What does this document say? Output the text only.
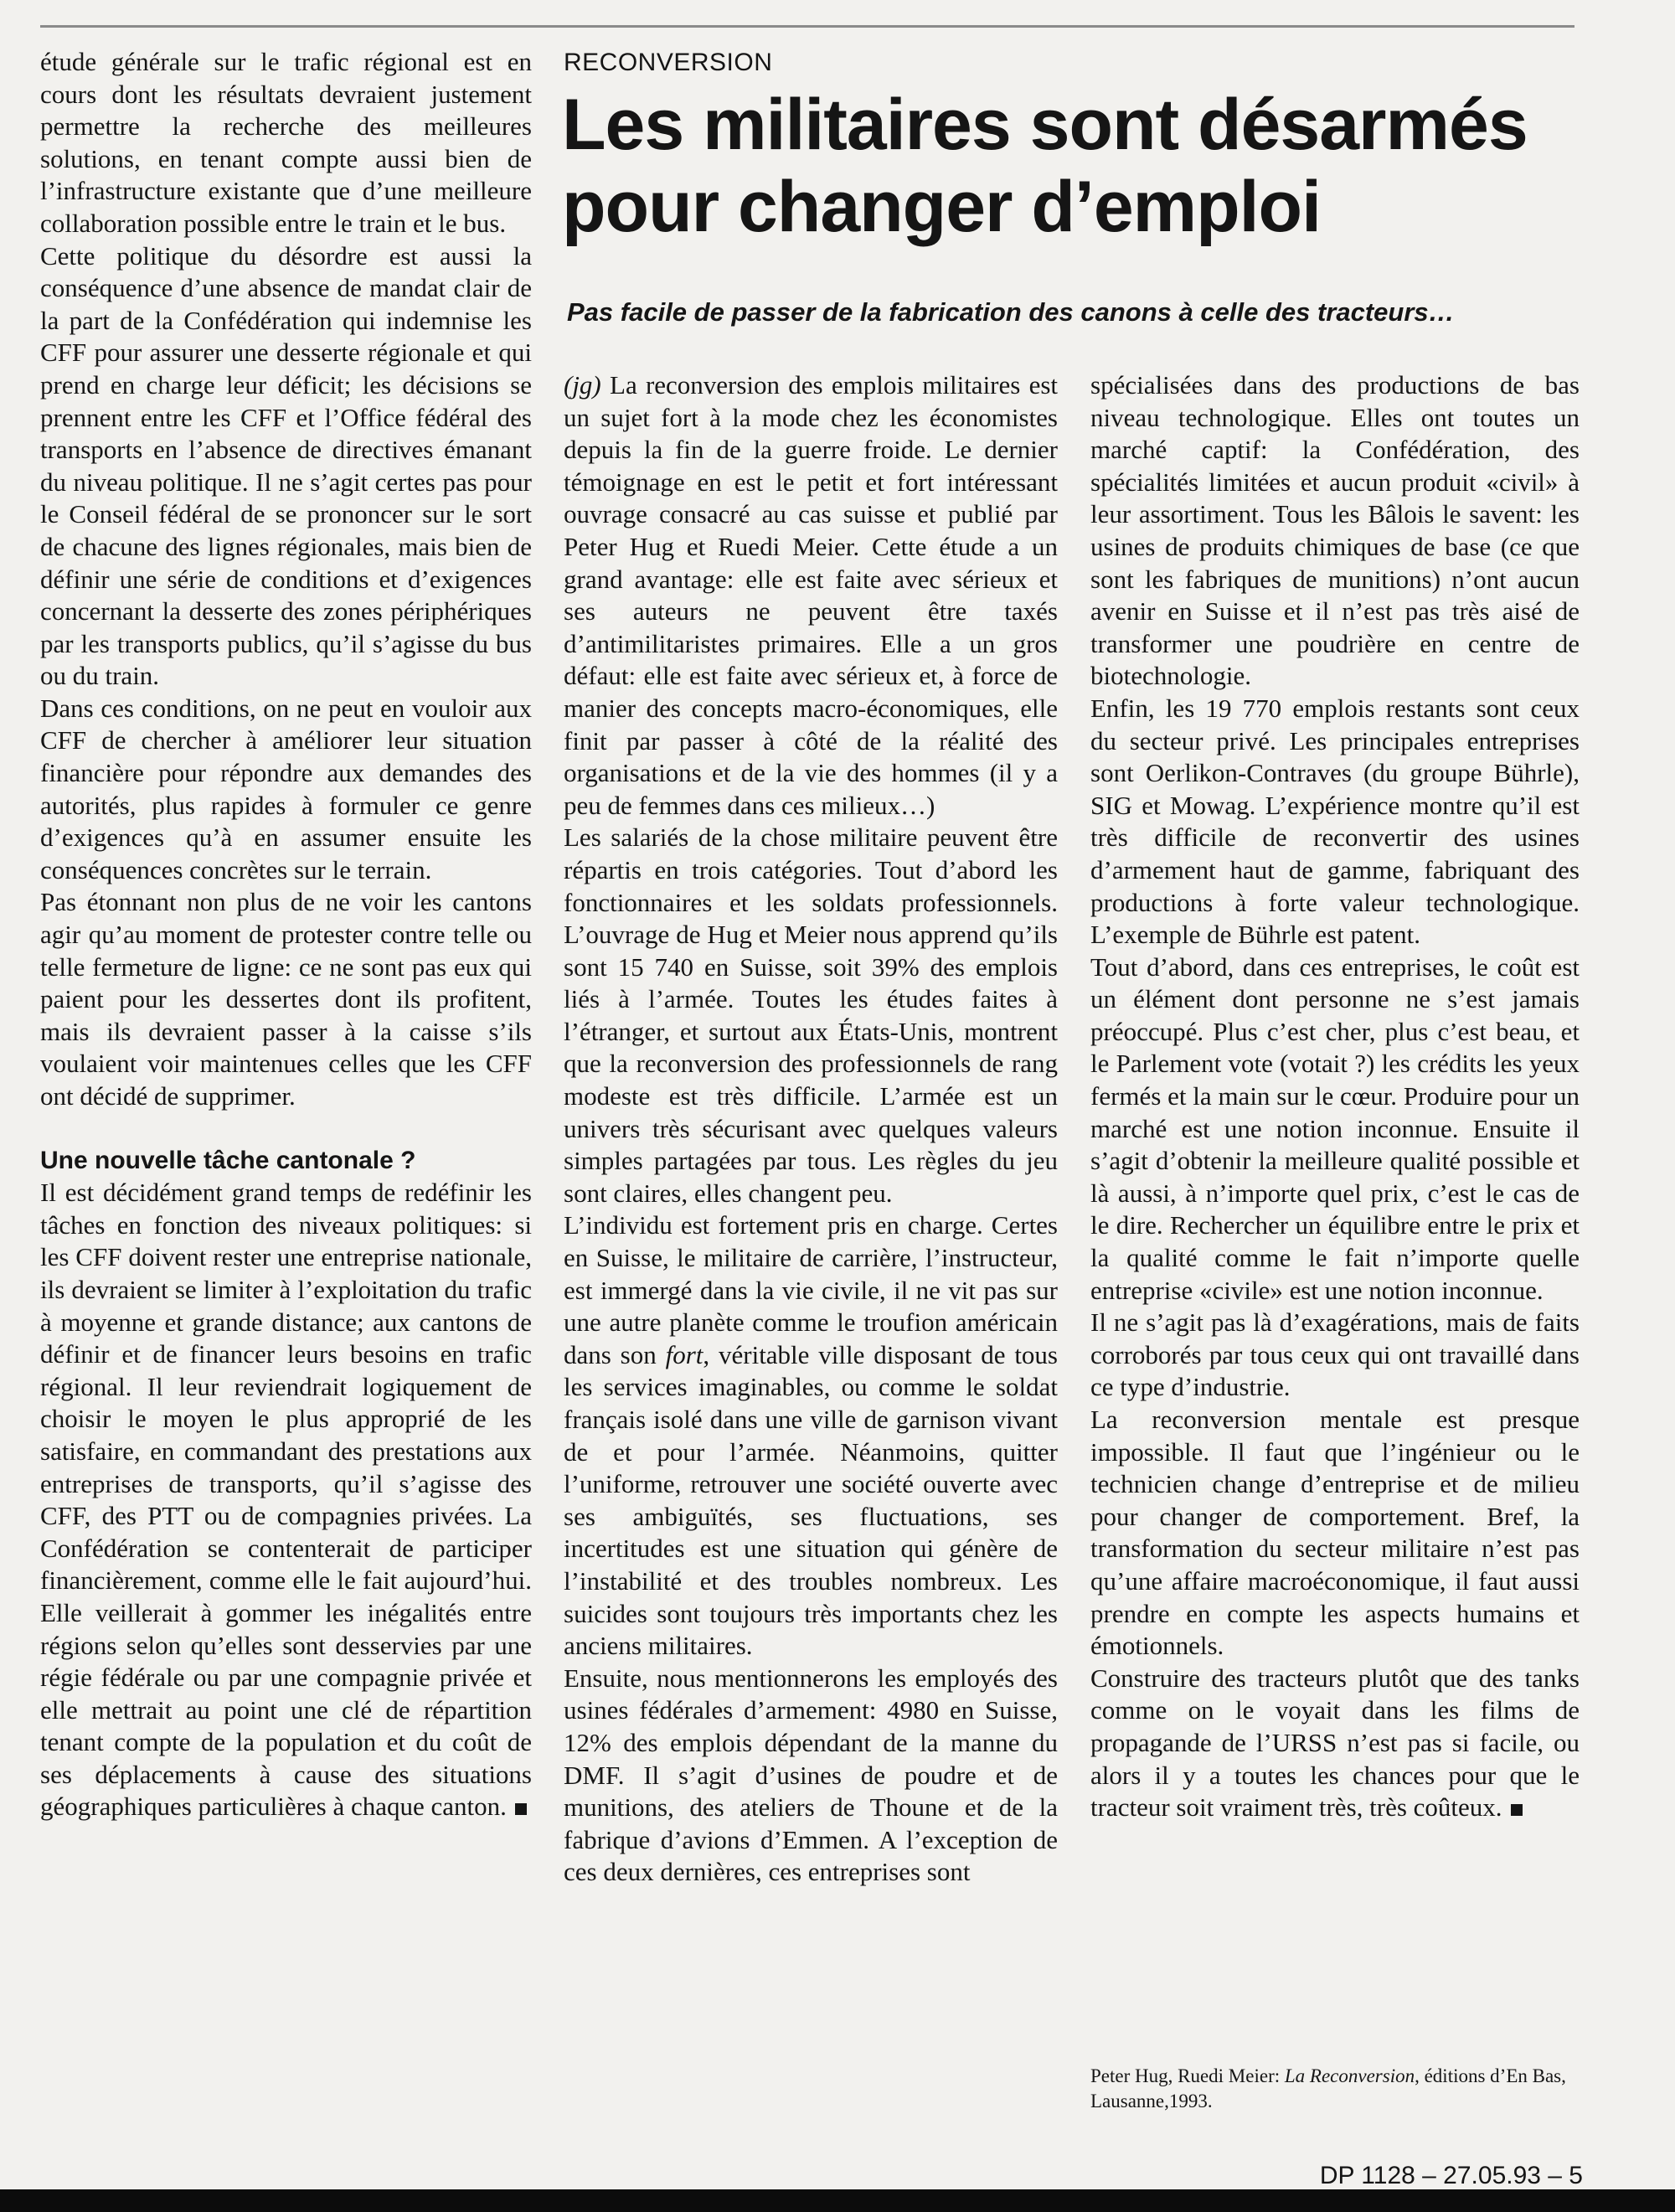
étude générale sur le trafic régional est en cours dont les résultats devraient justement permettre la recherche des meilleures solutions, en tenant compte aussi bien de l’infrastructure existante que d’une meilleure collaboration possible entre le train et le bus.

Cette politique du désordre est aussi la conséquence d’une absence de mandat clair de la part de la Confédération qui indemnise les CFF pour assurer une desserte régionale et qui prend en charge leur déficit; les décisions se prennent entre les CFF et l’Office fédéral des transports en l’absence de directives émanant du niveau politique. Il ne s’agit certes pas pour le Conseil fédéral de se prononcer sur le sort de chacune des lignes régionales, mais bien de définir une série de conditions et d’exigences concernant la desserte des zones périphériques par les transports publics, qu’il s’agisse du bus ou du train.

Dans ces conditions, on ne peut en vouloir aux CFF de chercher à améliorer leur situation financière pour répondre aux demandes des autorités, plus rapides à formuler ce genre d’exigences qu’à en assumer ensuite les conséquences concrètes sur le terrain.

Pas étonnant non plus de ne voir les cantons agir qu’au moment de protester contre telle ou telle fermeture de ligne: ce ne sont pas eux qui paient pour les dessertes dont ils profitent, mais ils devraient passer à la caisse s’ils voulaient voir maintenues celles que les CFF ont décidé de supprimer.

Une nouvelle tâche cantonale ?

Il est décidément grand temps de redéfinir les tâches en fonction des niveaux politiques: si les CFF doivent rester une entreprise nationale, ils devraient se limiter à l’exploitation du trafic à moyenne et grande distance; aux cantons de définir et de financer leurs besoins en trafic régional. Il leur reviendrait logiquement de choisir le moyen le plus approprié de les satisfaire, en commandant des prestations aux entreprises de transports, qu’il s’agisse des CFF, des PTT ou de compagnies privées. La Confédération se contenterait de participer financièrement, comme elle le fait aujourd’hui. Elle veillerait à gommer les inégalités entre régions selon qu’elles sont desservies par une régie fédérale ou par une compagnie privée et elle mettrait au point une clé de répartition tenant compte de la population et du coût de ses déplacements à cause des situations géographiques particulières à chaque canton.

RECONVERSION
Les militaires sont désarmés
pour changer d’emploi
Pas facile de passer de la fabrication des canons à celle des tracteurs…

(jg) La reconversion des emplois militaires est un sujet fort à la mode chez les économistes depuis la fin de la guerre froide. Le dernier témoignage en est le petit et fort intéressant ouvrage consacré au cas suisse et publié par Peter Hug et Ruedi Meier. Cette étude a un grand avantage: elle est faite avec sérieux et ses auteurs ne peuvent être taxés d’antimilitaristes primaires. Elle a un gros défaut: elle est faite avec sérieux et, à force de manier des concepts macro-économiques, elle finit par passer à côté de la réalité des organisations et de la vie des hommes (il y a peu de femmes dans ces milieux…)

Les salariés de la chose militaire peuvent être répartis en trois catégories. Tout d’abord les fonctionnaires et les soldats professionnels. L’ouvrage de Hug et Meier nous apprend qu’ils sont 15 740 en Suisse, soit 39% des emplois liés à l’armée. Toutes les études faites à l’étranger, et surtout aux États-Unis, montrent que la reconversion des professionnels de rang modeste est très difficile. L’armée est un univers très sécurisant avec quelques valeurs simples partagées par tous. Les règles du jeu sont claires, elles changent peu.

L’individu est fortement pris en charge. Certes en Suisse, le militaire de carrière, l’instructeur, est immergé dans la vie civile, il ne vit pas sur une autre planète comme le troufion américain dans son fort, véritable ville disposant de tous les services imaginables, ou comme le soldat français isolé dans une ville de garnison vivant de et pour l’armée. Néanmoins, quitter l’uniforme, retrouver une société ouverte avec ses ambiguïtés, ses fluctuations, ses incertitudes est une situation qui génère de l’instabilité et des troubles nombreux. Les suicides sont toujours très importants chez les anciens militaires.

Ensuite, nous mentionnerons les employés des usines fédérales d’armement: 4980 en Suisse, 12% des emplois dépendant de la manne du DMF. Il s’agit d’usines de poudre et de munitions, des ateliers de Thoune et de la fabrique d’avions d’Emmen. A l’exception de ces deux dernières, ces entreprises sont

spécialisées dans des productions de bas niveau technologique. Elles ont toutes un marché captif: la Confédération, des spécialités limitées et aucun produit «civil» à leur assortiment. Tous les Bâlois le savent: les usines de produits chimiques de base (ce que sont les fabriques de munitions) n’ont aucun avenir en Suisse et il n’est pas très aisé de transformer une poudrière en centre de biotechnologie.

Enfin, les 19 770 emplois restants sont ceux du secteur privé. Les principales entreprises sont Oerlikon-Contraves (du groupe Bührle), SIG et Mowag. L’expérience montre qu’il est très difficile de reconvertir des usines d’armement haut de gamme, fabriquant des productions à forte valeur technologique. L’exemple de Bührle est patent.

Tout d’abord, dans ces entreprises, le coût est un élément dont personne ne s’est jamais préoccupé. Plus c’est cher, plus c’est beau, et le Parlement vote (votait ?) les crédits les yeux fermés et la main sur le cœur. Produire pour un marché est une notion inconnue. Ensuite il s’agit d’obtenir la meilleure qualité possible et là aussi, à n’importe quel prix, c’est le cas de le dire. Rechercher un équilibre entre le prix et la qualité comme le fait n’importe quelle entreprise «civile» est une notion inconnue.

Il ne s’agit pas là d’exagérations, mais de faits corroborés par tous ceux qui ont travaillé dans ce type d’industrie.

La reconversion mentale est presque impossible. Il faut que l’ingénieur ou le technicien change d’entreprise et de milieu pour changer de comportement. Bref, la transformation du secteur militaire n’est pas qu’une affaire macroéconomique, il faut aussi prendre en compte les aspects humains et émotionnels.

Construire des tracteurs plutôt que des tanks comme on le voyait dans les films de propagande de l’URSS n’est pas si facile, ou alors il y a toutes les chances pour que le tracteur soit vraiment très, très coûteux.

Peter Hug, Ruedi Meier: La Reconversion, éditions d’En Bas, Lausanne,1993.
DP 1128 – 27.05.93 – 5
